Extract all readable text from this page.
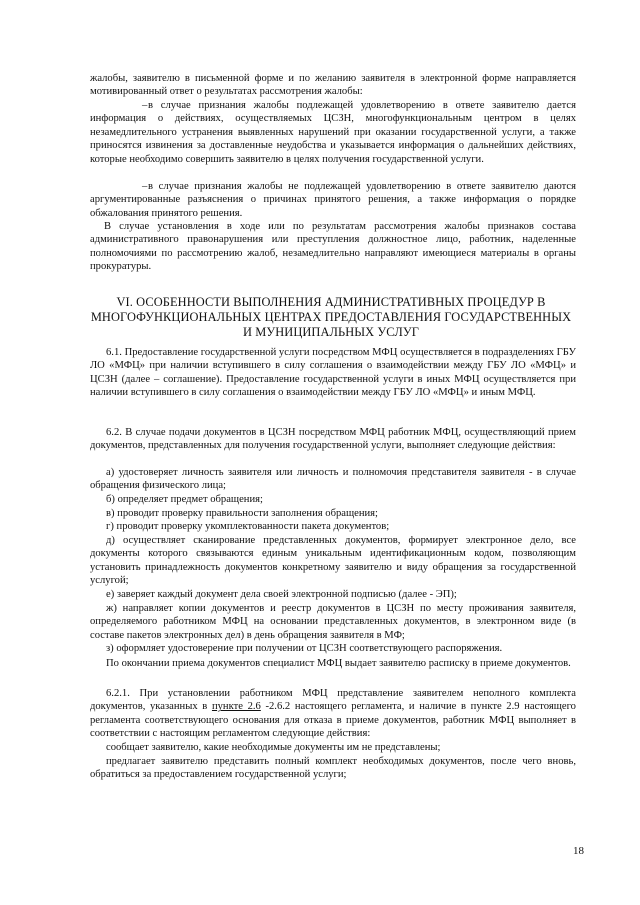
жалобы, заявителю в письменной форме и по желанию заявителя в электронной форме направляется мотивированный ответ о результатах рассмотрения жалобы:

–в случае признания жалобы подлежащей удовлетворению в ответе заявителю дается информация о действиях, осуществляемых ЦСЗН, многофункциональным центром в целях незамедлительного устранения выявленных нарушений при оказании государственной услуги, а также приносятся извинения за доставленные неудобства и указывается информация о дальнейших действиях, которые необходимо совершить заявителю в целях получения государственной услуги.

–в случае признания жалобы не подлежащей удовлетворению в ответе заявителю даются аргументированные разъяснения о причинах принятого решения, а также информация о порядке обжалования принятого решения.

В случае установления в ходе или по результатам рассмотрения жалобы признаков состава административного правонарушения или преступления должностное лицо, работник, наделенные полномочиями по рассмотрению жалоб, незамедлительно направляют имеющиеся материалы в органы прокуратуры.

VI. ОСОБЕННОСТИ ВЫПОЛНЕНИЯ АДМИНИСТРАТИВНЫХ ПРОЦЕДУР В МНОГОФУНКЦИОНАЛЬНЫХ ЦЕНТРАХ ПРЕДОСТАВЛЕНИЯ ГОСУДАРСТВЕННЫХ И МУНИЦИПАЛЬНЫХ УСЛУГ

6.1. Предоставление государственной услуги посредством МФЦ осуществляется в подразделениях ГБУ ЛО «МФЦ» при наличии вступившего в силу соглашения о взаимодействии между ГБУ ЛО «МФЦ» и ЦСЗН (далее – соглашение). Предоставление государственной услуги в иных МФЦ осуществляется при наличии вступившего в силу соглашения о взаимодействии между ГБУ ЛО «МФЦ» и иным МФЦ.

6.2. В случае подачи документов в ЦСЗН посредством МФЦ работник МФЦ, осуществляющий прием документов, представленных для получения государственной услуги, выполняет следующие действия:

а) удостоверяет личность заявителя или личность и полномочия представителя заявителя - в случае обращения физического лица;

б) определяет предмет обращения;

в) проводит проверку правильности заполнения обращения;

г) проводит проверку укомплектованности пакета документов;

д) осуществляет сканирование представленных документов, формирует электронное дело, все документы которого связываются единым уникальным идентификационным кодом, позволяющим установить принадлежность документов конкретному заявителю и виду обращения за государственной услугой;

е) заверяет каждый документ дела своей электронной подписью (далее - ЭП);

ж) направляет копии документов и реестр документов в ЦСЗН по месту проживания заявителя, определяемого работником МФЦ на основании представленных документов, в электронном виде (в составе пакетов электронных дел) в день обращения заявителя в МФ;

з) оформляет удостоверение при получении от ЦСЗН соответствующего распоряжения.

По окончании приема документов специалист МФЦ выдает заявителю расписку в приеме документов.

6.2.1. При установлении работником МФЦ представление заявителем неполного комплекта документов, указанных в пункте 2.6 -2.6.2 настоящего регламента, и наличие в пункте 2.9 настоящего регламента соответствующего основания для отказа в приеме документов, работник МФЦ выполняет в соответствии с настоящим регламентом следующие действия:

сообщает заявителю, какие необходимые документы им не представлены;

предлагает заявителю представить полный комплект необходимых документов, после чего вновь, обратиться за предоставлением государственной услуги;

18
